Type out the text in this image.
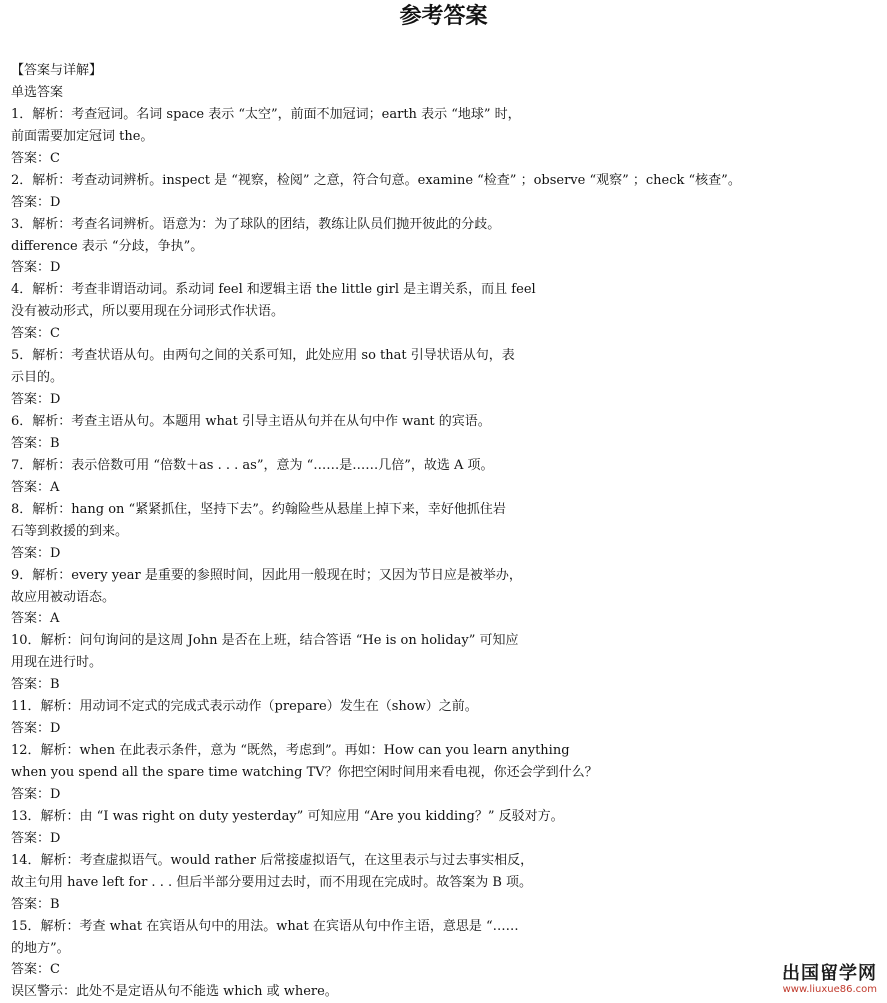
参考答案
【答案与详解】
单选答案
1．解析：考查冠词。名词 space 表示 “太空”，前面不加冠词；earth 表示 “地球” 时，
前面需要加定冠词 the。
答案：C
2．解析：考查动词辨析。inspect 是 “视察，检阅” 之意，符合句意。examine “检查” ；observe “观察” ；check “核查”。
答案：D
3．解析：考查名词辨析。语意为：为了球队的团结，教练让队员们抛开彼此的分歧。
difference 表示 “分歧，争执”。
答案：D
4．解析：考查非谓语动词。系动词 feel 和逻辑主语 the little girl 是主谓关系，而且 feel
没有被动形式，所以要用现在分词形式作状语。
答案：C
5．解析：考查状语从句。由两句之间的关系可知，此处应用 so that 引导状语从句，表
示目的。
答案：D
6．解析：考查主语从句。本题用 what 引导主语从句并在从句中作 want 的宾语。
答案：B
7．解析：表示倍数可用 “倍数＋as . . . as”，意为 “……是……几倍”，故选 A 项。
答案：A
8．解析：hang on “紧紧抓住，坚持下去”。约翰险些从悬崖上掉下来，幸好他抓住岩
石等到救援的到来。
答案：D
9．解析：every year 是重要的参照时间，因此用一般现在时；又因为节日应是被举办，
故应用被动语态。
答案：A
10．解析：问句询问的是这周 John 是否在上班，结合答语 “He is on holiday” 可知应
用现在进行时。
答案：B
11．解析：用动词不定式的完成式表示动作（prepare）发生在（show）之前。
答案：D
12．解析：when 在此表示条件，意为 “既然，考虑到”。再如：How can you learn anything
when you spend all the spare time watching TV？你把空闲时间用来看电视，你还会学到什么？
答案：D
13．解析：由 “I was right on duty yesterday” 可知应用 “Are you kidding？” 反驳对方。
答案：D
14．解析：考查虚拟语气。would rather 后常接虚拟语气，在这里表示与过去事实相反，
故主句用 have left for . . . 但后半部分要用过去时，而不用现在完成时。故答案为 B 项。
答案：B
15．解析：考查 what 在宾语从句中的用法。what 在宾语从句中作主语，意思是 “……
的地方”。
答案：C
误区警示：此处不是定语从句不能选 which 或 where。
出国留学网
www.liuxue86.com
